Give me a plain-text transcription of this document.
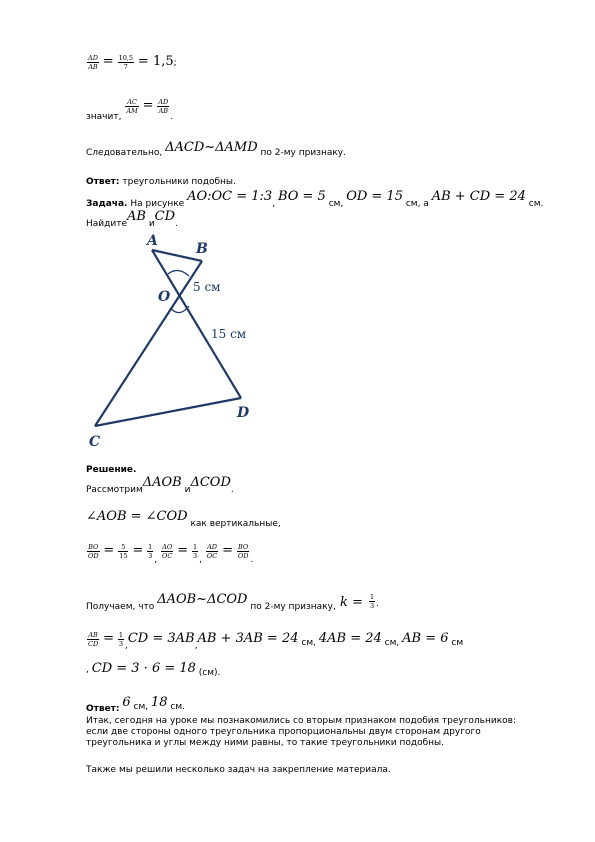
$\frac{AD}{AB} = \frac{10,5}{7} = 1,5$;
значит,
$\frac{AC}{AM} = \frac{AD}{AB}$
.
Следовательно, ΔACD~ΔAMD по 2-му признаку.
Ответ: треугольники подобны.
Задача. На рисунке AO:OC = 1:3, BO = 5 см, OD = 15 см, а AB + CD = 24 см.
НайдитеAB иCD.
A	B
O
5 см
15 см
D
C
Решение.
РассмотримΔAOB иΔCOD.
∠AOB = ∠COD как вертикальные,
$\frac{BO}{OD} = \frac{5}{15} = \frac{1}{3}$ , $\frac{AO}{OC} = \frac{1}{3}$ , $\frac{AD}{OC} = \frac{BO}{OD}$ .
Получаем, что ΔAOB~ΔCOD по 2-му признаку, $k = \frac{1}{3}$ .
$\frac{AB}{CD} = \frac{1}{3} ,CD = 3AB,AB + 3AB = 24$ см, 4AB = 24 см, AB = 6 см
, CD = 3 · 6 = 18 (см).
Ответ: 6 см, 18 см.
Итак, сегодня на уроке мы познакомились со вторым признаком подобия треугольников:
если две стороны одного треугольника пропорциональны двум сторонам другого
треугольника и углы между ними равны, то такие треугольники подобны.
Также мы решили несколько задач на закрепление материала.
